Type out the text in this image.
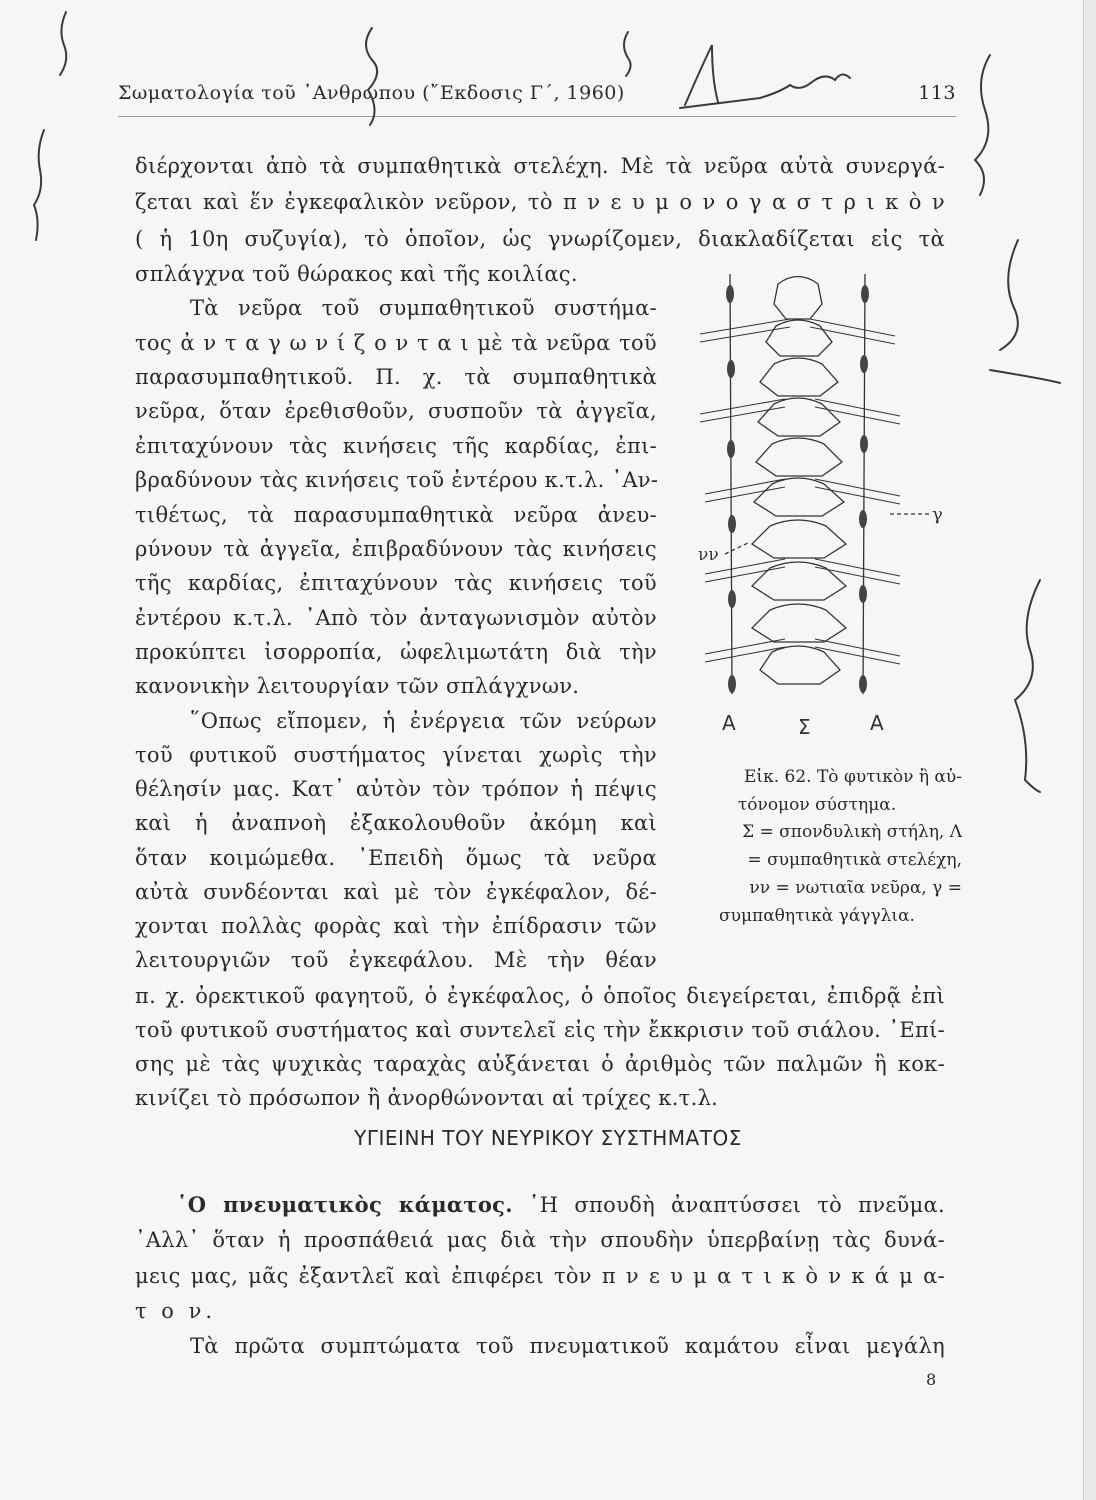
Σωματολογία τοῦ ᾿Ανθρώπου (῎Εκδοσις Γ΄, 1960)	113
διέρχονται ἀπὸ τὰ συμπαθητικὰ στελέχη. Μὲ τὰ νεῦρα αὐτὰ συνεργά-
ζεται καὶ ἕν ἐγκεφαλικὸν νεῦρον, τὸ π ν ε υ μ ο ν ο γ α σ τ ρ ι κ ὸ ν
( ἡ 10η συζυγία), τὸ ὁποῖον, ὡς γνωρίζομεν, διακλαδίζεται εἰς τὰ
σπλάγχνα τοῦ θώρακος καὶ τῆς κοιλίας.
Τὰ νεῦρα τοῦ συμπαθητικοῦ συστήμα-
τος ἀ ν τ α γ ω ν ί ζ ο ν τ α ι μὲ τὰ νεῦρα τοῦ
παρασυμπαθητικοῦ. Π. χ. τὰ συμπαθητικὰ
νεῦρα, ὅταν ἐρεθισθοῦν, συσποῦν τὰ ἀγγεῖα,
ἐπιταχύνουν τὰς κινήσεις τῆς καρδίας, ἐπι-
βραδύνουν τὰς κινήσεις τοῦ ἐντέρου κ.τ.λ. ᾿Αν-
τιθέτως, τὰ παρασυμπαθητικὰ νεῦρα ἀνευ-
ρύνουν τὰ ἀγγεῖα, ἐπιβραδύνουν τὰς κινήσεις
τῆς καρδίας, ἐπιταχύνουν τὰς κινήσεις τοῦ
ἐντέρου κ.τ.λ. ᾿Απὸ τὸν ἀνταγωνισμὸν αὐτὸν
προκύπτει ἰσορροπία, ὠφελιμωτάτη διὰ τὴν
κανονικὴν λειτουργίαν τῶν σπλάγχνων.
῞Οπως εἴπομεν, ἡ ἐνέργεια τῶν νεύρων
τοῦ φυτικοῦ συστήματος γίνεται χωρὶς τὴν
θέλησίν μας. Κατ᾿ αὐτὸν τὸν τρόπον ἡ πέψις
καὶ ἡ ἀναπνοὴ ἐξακολουθοῦν ἀκόμη καὶ
ὅταν κοιμώμεθα. ᾿Επειδὴ ὅμως τὰ νεῦρα
αὐτὰ συνδέονται καὶ μὲ τὸν ἐγκέφαλον, δέ-
χονται πολλὰς φορὰς καὶ τὴν ἐπίδρασιν τῶν
λειτουργιῶν τοῦ ἐγκεφάλου. Μὲ τὴν θέαν
π. χ. ὀρεκτικοῦ φαγητοῦ, ὁ ἐγκέφαλος, ὁ ὁποῖος διεγείρεται, ἐπιδρᾷ ἐπὶ
τοῦ φυτικοῦ συστήματος καὶ συντελεῖ εἰς τὴν ἔκκρισιν τοῦ σιάλου. ᾿Επί-
σης μὲ τὰς ψυχικὰς ταραχὰς αὐξάνεται ὁ ἀριθμὸς τῶν παλμῶν ἢ κοκ-
κινίζει τὸ πρόσωπον ἢ ἀνορθώνονται αἱ τρίχες κ.τ.λ.
ΥΓΙΕΙΝΗ ΤΟΥ ΝΕΥΡΙΚΟΥ ΣΥΣΤΗΜΑΤΟΣ
῾Ο πνευματικὸς κάματος. ῾Η σπουδὴ ἀναπτύσσει τὸ πνεῦμα.
᾿Αλλ᾿ ὅταν ἡ προσπάθειά μας διὰ τὴν σπουδὴν ὑπερβαίνῃ τὰς δυνά-
μεις μας, μᾶς ἐξαντλεῖ καὶ ἐπιφέρει τὸν π ν ε υ μ α τ ι κ ὸ ν κ ά μ α-
τ ο ν.
Τὰ πρῶτα συμπτώματα τοῦ πνευματικοῦ καμάτου εἶναι μεγάλη
8
γ
νν
Α	Σ	Α
Εἰκ. 62. Τὸ φυτικὸν ἢ αὐ-
τόνομον σύστημα.
Σ = σπονδυλικὴ στήλη, Λ
= συμπαθητικὰ στελέχη,
νν = νωτιαῖα νεῦρα, γ =
συμπαθητικὰ γάγγλια.
